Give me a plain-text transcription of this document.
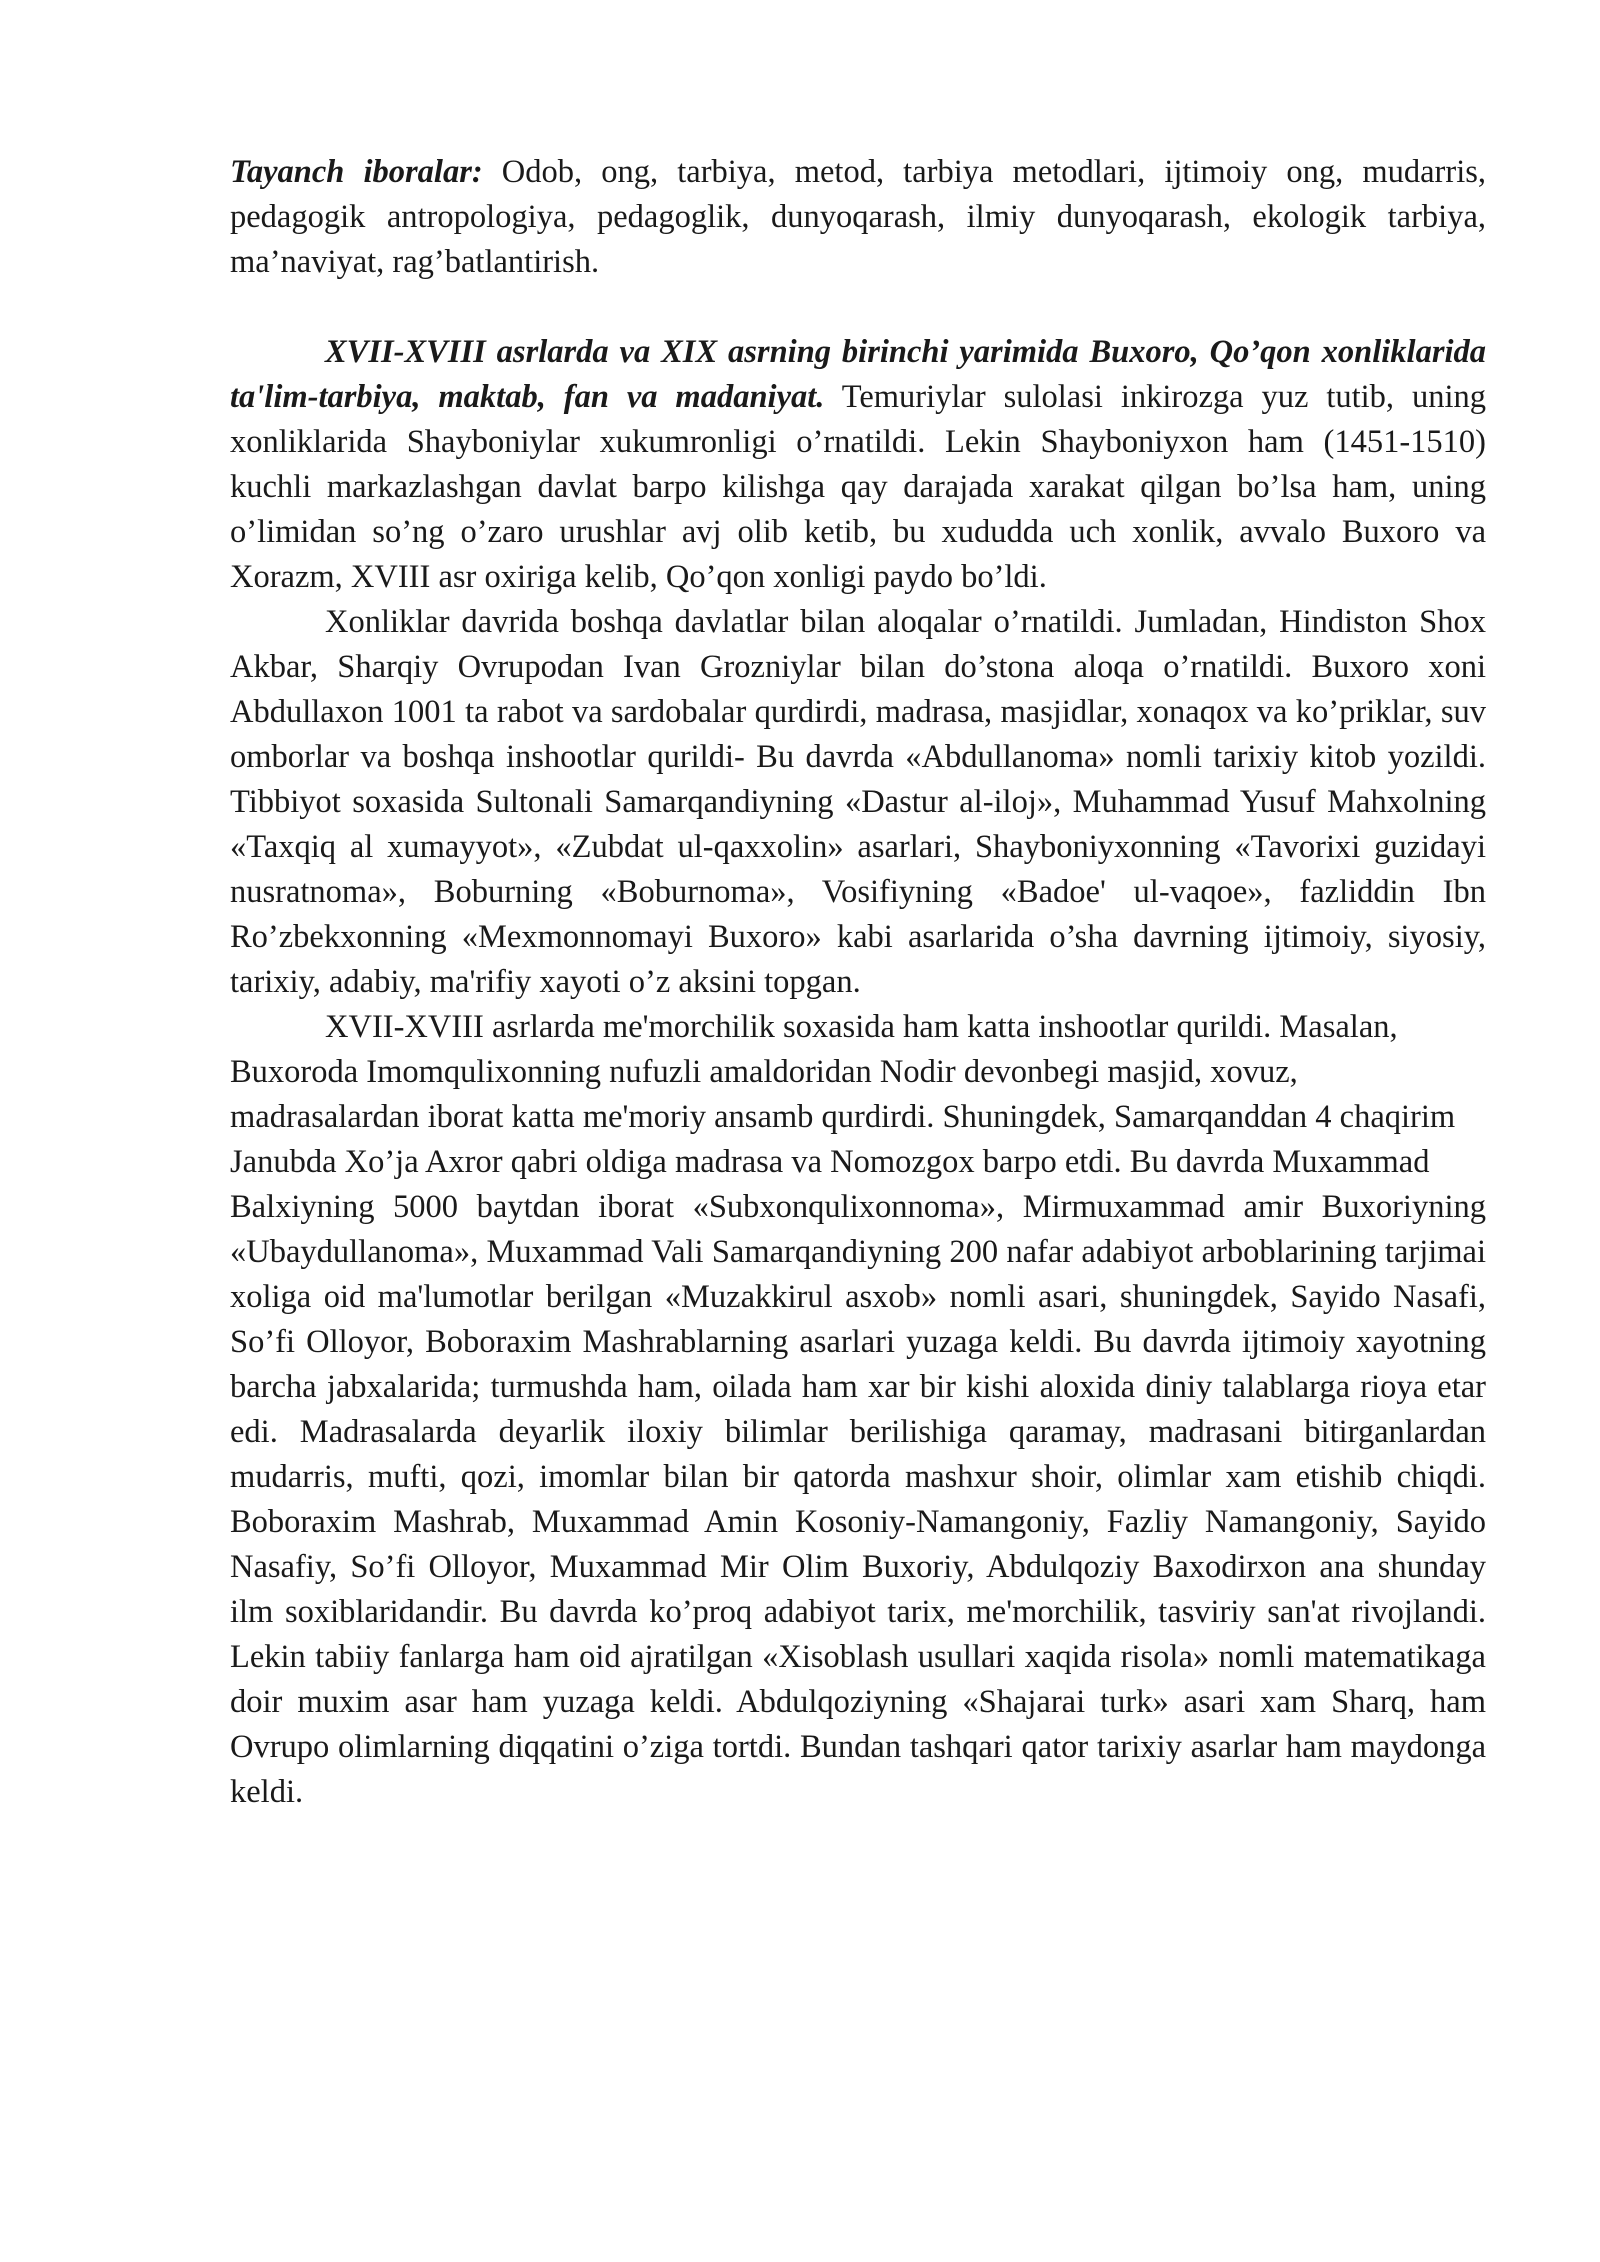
Tayanch iboralar: Odob, ong, tarbiya, metod, tarbiya metodlari, ijtimoiy ong, mudarris, pedagogik antropologiya, pedagoglik, dunyoqarash, ilmiy dunyoqarash, ekologik tarbiya, ma’naviyat, rag’batlantirish.

XVII-XVIII asrlarda va XIX asrning birinchi yarimida Buxoro, Qo’qon xonliklarida ta'lim-tarbiya, maktab, fan va madaniyat. Temuriylar sulolasi inkirozga yuz tutib, uning xonliklarida Shayboniylar xukumronligi o’rnatildi. Lekin Shayboniyxon ham (1451-1510) kuchli markazlashgan davlat barpo kilishga qay darajada xarakat qilgan bo’lsa ham, uning o’limidan so’ng o’zaro urushlar avj olib ketib, bu xududda uch xonlik, avvalo Buxoro va Xorazm, XVIII asr oxiriga kelib, Qo’qon xonligi paydo bo’ldi.

Xonliklar davrida boshqa davlatlar bilan aloqalar o’rnatildi. Jumladan, Hindiston Shox Akbar, Sharqiy Ovrupodan Ivan Grozniylar bilan do’stona aloqa o’rnatildi. Buxoro xoni Abdullaxon 1001 ta rabot va sardobalar qurdirdi, madrasa, masjidlar, xonaqox va ko’priklar, suv omborlar va boshqa inshootlar qurildi- Bu davrda «Abdullanoma» nomli tarixiy kitob yozildi. Tibbiyot soxasida Sultonali Samarqandiyning «Dastur al-iloj», Muhammad Yusuf Mahxolning «Taxqiq al xumayyot», «Zubdat ul-qaxxolin» asarlari, Shayboniyxonning «Tavorixi guzidayi nusratnoma», Boburning «Boburnoma», Vosifiyning «Badoe' ul-vaqoe», fazliddin Ibn Ro’zbekxonning «Mexmonnomayi Buxoro» kabi asarlarida o’sha davrning ijtimoiy, siyosiy, tarixiy, adabiy, ma'rifiy xayoti o’z aksini topgan.

XVII-XVIII asrlarda me'morchilik soxasida ham katta inshootlar qurildi. Masalan, Buxoroda Imomqulixonning nufuzli amaldoridan Nodir devonbegi masjid, xovuz, madrasalardan iborat katta me'moriy ansamb qurdirdi. Shuningdek, Samarqanddan 4 chaqirim Janubda Xo’ja Axror qabri oldiga madrasa va Nomozgox barpo etdi. Bu davrda Muxammad

Balxiyning 5000 baytdan iborat «Subxonqulixonnoma», Mirmuxammad amir Buxoriyning «Ubaydullanoma», Muxammad Vali Samarqandiyning 200 nafar adabiyot arboblarining tarjimai xoliga oid ma'lumotlar berilgan «Muzakkirul asxob» nomli asari, shuningdek, Sayido Nasafi, So’fi Olloyor, Boboraxim Mashrablarning asarlari yuzaga keldi. Bu davrda ijtimoiy xayotning barcha jabxalarida; turmushda ham, oilada ham xar bir kishi aloxida diniy talablarga rioya etar edi. Madrasalarda deyarlik iloxiy bilimlar berilishiga qaramay, madrasani bitirganlardan mudarris, mufti, qozi, imomlar bilan bir qatorda mashxur shoir, olimlar xam etishib chiqdi. Boboraxim Mashrab, Muxammad Amin Kosoniy-Namangoniy, Fazliy Namangoniy, Sayido Nasafiy, So’fi Olloyor, Muxammad Mir Olim Buxoriy, Abdulqoziy Baxodirxon ana shunday ilm soxiblaridandir. Bu davrda ko’proq adabiyot tarix, me'morchilik, tasviriy san'at rivojlandi. Lekin tabiiy fanlarga ham oid ajratilgan «Xisoblash usullari xaqida risola» nomli matematikaga doir muxim asar ham yuzaga keldi. Abdulqoziyning «Shajarai turk» asari xam Sharq, ham Ovrupo olimlarning diqqatini o’ziga tortdi. Bundan tashqari qator tarixiy asarlar ham maydonga keldi.
